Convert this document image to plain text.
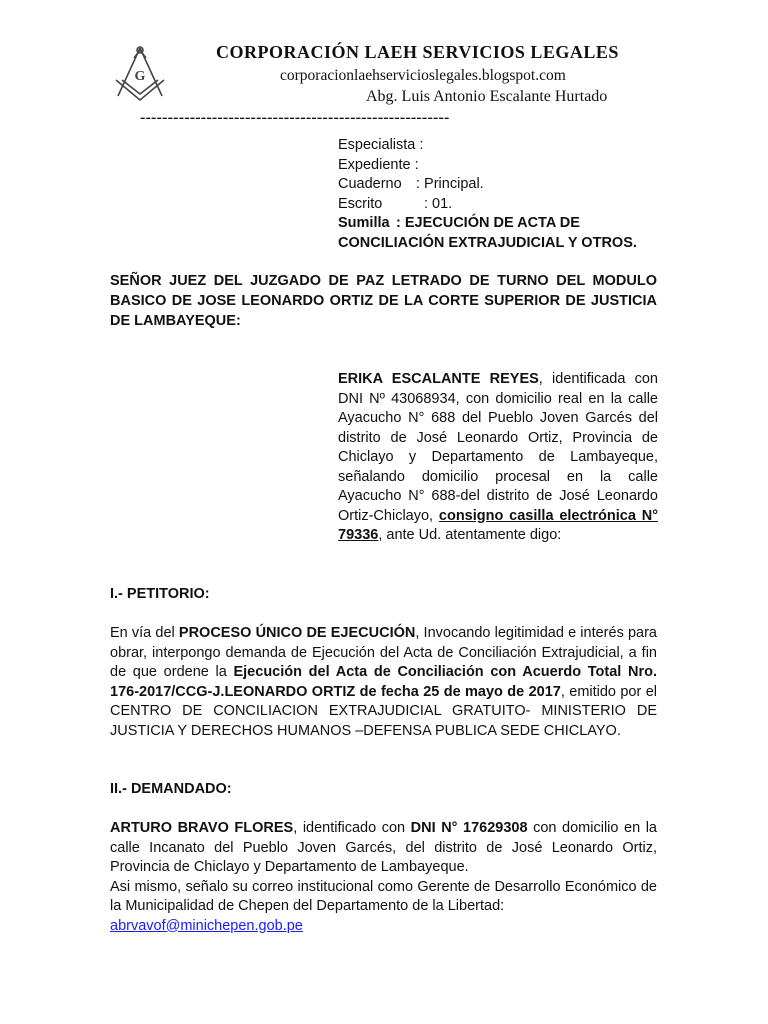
G
CORPORACIÓN LAEH SERVICIOS LEGALES
corporacionlaehservicioslegales.blogspot.com
Abg. Luis Antonio Escalante Hurtado
--------------------------------------------------------
Especialista :
Expediente :
Cuaderno : Principal.
Escrito	: 01.
Sumilla : EJECUCIÓN DE ACTA DE
CONCILIACIÓN EXTRAJUDICIAL Y OTROS.
SEÑOR JUEZ DEL JUZGADO DE PAZ LETRADO DE TURNO DEL MODULO BASICO DE JOSE LEONARDO ORTIZ DE LA CORTE SUPERIOR DE JUSTICIA DE LAMBAYEQUE:
ERIKA ESCALANTE REYES, identificada con DNI Nº 43068934, con domicilio real en la calle Ayacucho N° 688 del Pueblo Joven Garcés del distrito de José Leonardo Ortiz, Provincia de Chiclayo y Departamento de Lambayeque, señalando domicilio procesal en la calle Ayacucho N° 688-del distrito de José Leonardo Ortiz-Chiclayo, consigno casilla electrónica N° 79336, ante Ud. atentamente digo:
I.- PETITORIO:
En vía del PROCESO ÚNICO DE EJECUCIÓN, Invocando legitimidad e interés para obrar, interpongo demanda de Ejecución del Acta de Conciliación Extrajudicial, a fin de que ordene la Ejecución del Acta de Conciliación con Acuerdo Total Nro. 176-2017/CCG-J.LEONARDO ORTIZ de fecha 25 de mayo de 2017, emitido por el CENTRO DE CONCILIACION EXTRAJUDICIAL GRATUITO- MINISTERIO DE JUSTICIA Y DERECHOS HUMANOS –DEFENSA PUBLICA SEDE CHICLAYO.
II.- DEMANDADO:
ARTURO BRAVO FLORES, identificado con DNI N° 17629308 con domicilio en la calle Incanato del Pueblo Joven Garcés, del distrito de José Leonardo Ortiz, Provincia de Chiclayo y Departamento de Lambayeque.
Asi mismo, señalo su correo institucional como Gerente de Desarrollo Económico de la Municipalidad de Chepen del Departamento de la Libertad:
abrvavof@minichepen.gob.pe
